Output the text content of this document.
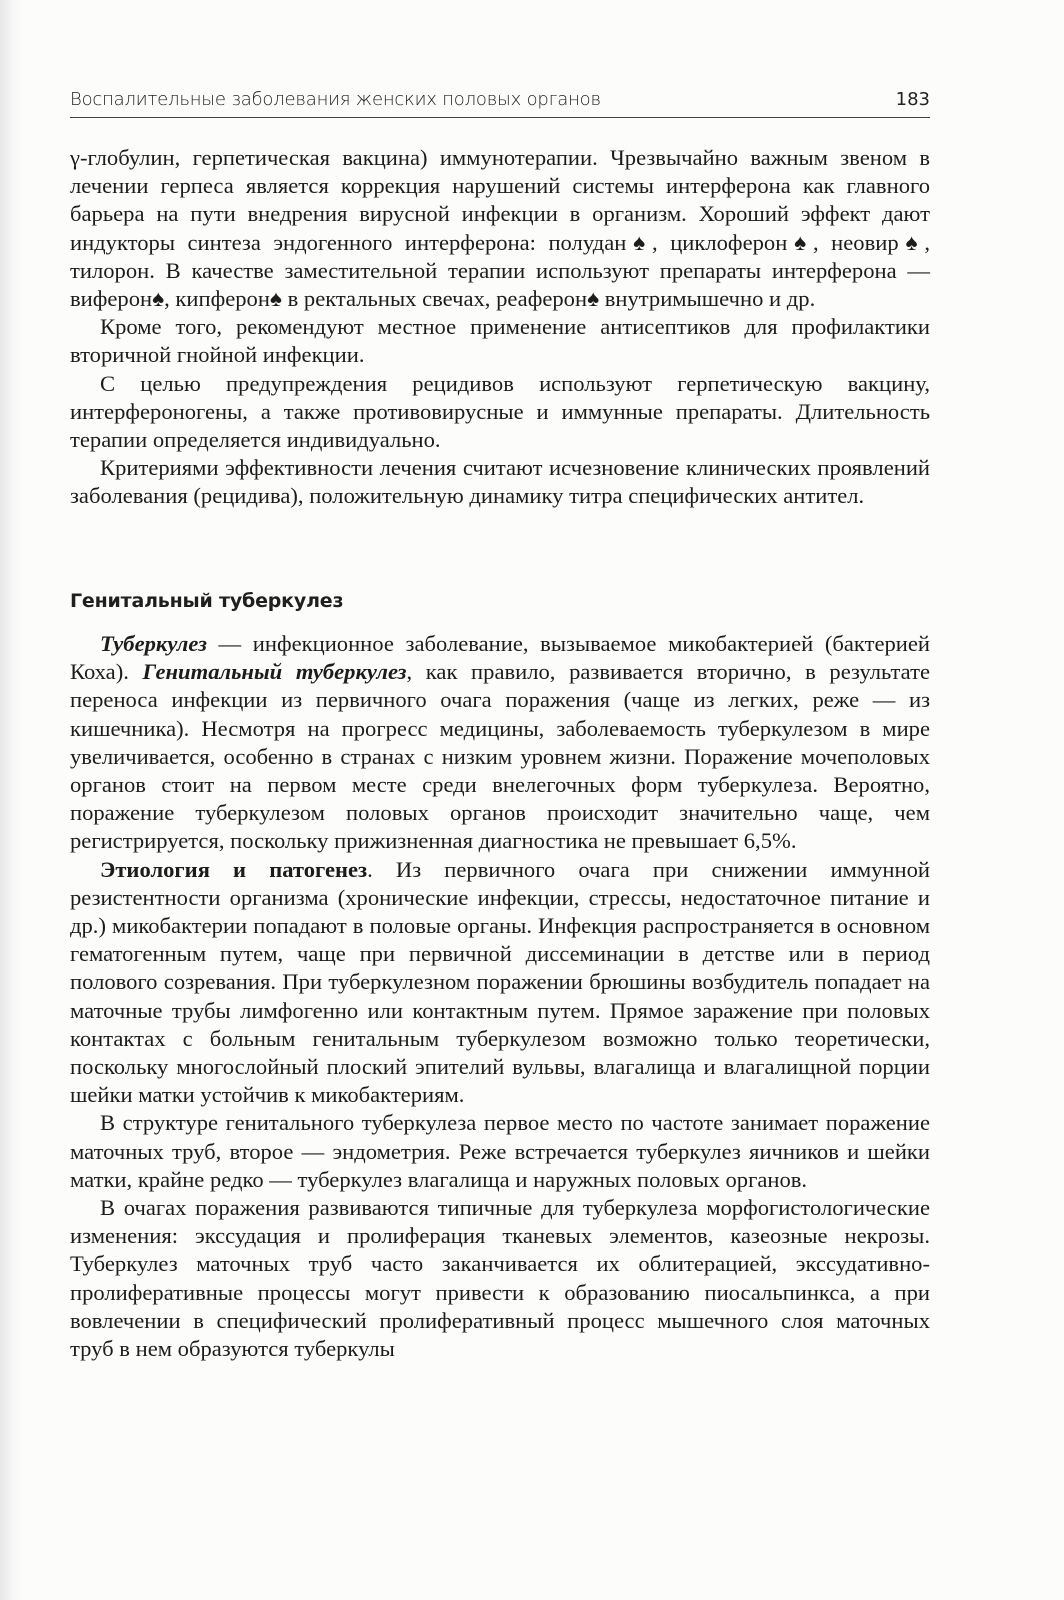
Воспалительные заболевания женских половых органов	183

γ-глобулин, герпетическая вакцина) иммунотерапии. Чрезвычайно важным звеном в лечении герпеса является коррекция нарушений системы интерферона как главного барьера на пути внедрения вирусной инфекции в организм. Хороший эффект дают индукторы синтеза эндогенного интерферона: полудан♠, циклоферон♠, неовир♠, тилорон. В качестве заместительной терапии используют препараты интерферона — виферон♠, кипферон♠ в ректальных свечах, реаферон♠ внутримышечно и др.

Кроме того, рекомендуют местное применение антисептиков для профилактики вторичной гнойной инфекции.

С целью предупреждения рецидивов используют герпетическую вакцину, интерфероногены, а также противовирусные и иммунные препараты. Длительность терапии определяется индивидуально.

Критериями эффективности лечения считают исчезновение клинических проявлений заболевания (рецидива), положительную динамику титра специфических антител.

Генитальный туберкулез

Туберкулез — инфекционное заболевание, вызываемое микобактерией (бактерией Коха). Генитальный туберкулез, как правило, развивается вторично, в результате переноса инфекции из первичного очага поражения (чаще из легких, реже — из кишечника). Несмотря на прогресс медицины, заболеваемость туберкулезом в мире увеличивается, особенно в странах с низким уровнем жизни. Поражение мочеполовых органов стоит на первом месте среди внелегочных форм туберкулеза. Вероятно, поражение туберкулезом половых органов происходит значительно чаще, чем регистрируется, поскольку прижизненная диагностика не превышает 6,5%.

Этиология и патогенез. Из первичного очага при снижении иммунной резистентности организма (хронические инфекции, стрессы, недостаточное питание и др.) микобактерии попадают в половые органы. Инфекция распространяется в основном гематогенным путем, чаще при первичной диссеминации в детстве или в период полового созревания. При туберкулезном поражении брюшины возбудитель попадает на маточные трубы лимфогенно или контактным путем. Прямое заражение при половых контактах с больным генитальным туберкулезом возможно только теоретически, поскольку многослойный плоский эпителий вульвы, влагалища и влагалищной порции шейки матки устойчив к микобактериям.

В структуре генитального туберкулеза первое место по частоте занимает поражение маточных труб, второе — эндометрия. Реже встречается туберкулез яичников и шейки матки, крайне редко — туберкулез влагалища и наружных половых органов.

В очагах поражения развиваются типичные для туберкулеза морфогистологические изменения: экссудация и пролиферация тканевых элементов, казеозные некрозы. Туберкулез маточных труб часто заканчивается их облитерацией, экссудативно-пролиферативные процессы могут привести к образованию пиосальпинкса, а при вовлечении в специфический пролиферативный процесс мышечного слоя маточных труб в нем образуются туберкулы
